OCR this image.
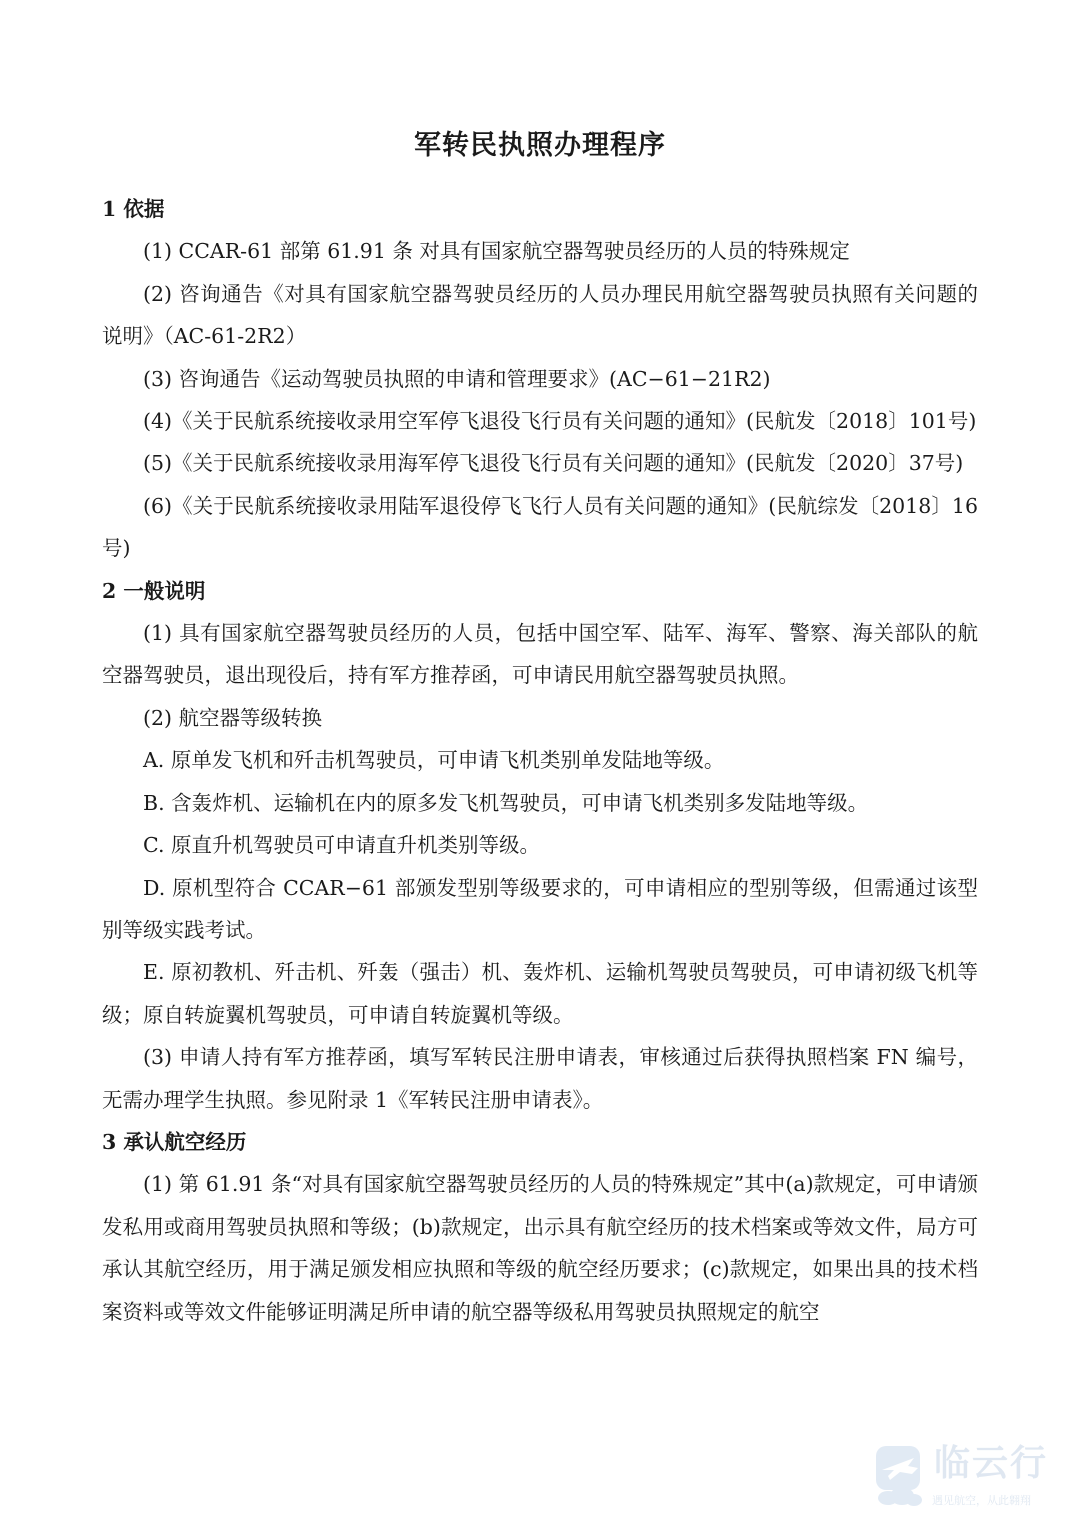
军转民执照办理程序

1 依据

(1) CCAR-61 部第 61.91 条 对具有国家航空器驾驶员经历的人员的特殊规定

(2) 咨询通告《对具有国家航空器驾驶员经历的人员办理民用航空器驾驶员执照有关问题的说明》（AC-61-2R2）

(3) 咨询通告《运动驾驶员执照的申请和管理要求》(AC−61−21R2)

(4)《关于民航系统接收录用空军停飞退役飞行员有关问题的通知》(民航发〔2018〕101号)

(5)《关于民航系统接收录用海军停飞退役飞行员有关问题的通知》(民航发〔2020〕37号)

(6)《关于民航系统接收录用陆军退役停飞飞行人员有关问题的通知》(民航综发〔2018〕16 号)

2 一般说明

(1) 具有国家航空器驾驶员经历的人员，包括中国空军、陆军、海军、警察、海关部队的航空器驾驶员，退出现役后，持有军方推荐函，可申请民用航空器驾驶员执照。

(2) 航空器等级转换

A. 原单发飞机和歼击机驾驶员，可申请飞机类别单发陆地等级。

B. 含轰炸机、运输机在内的原多发飞机驾驶员，可申请飞机类别多发陆地等级。

C. 原直升机驾驶员可申请直升机类别等级。

D. 原机型符合 CCAR−61 部颁发型别等级要求的，可申请相应的型别等级，但需通过该型别等级实践考试。

E. 原初教机、歼击机、歼轰（强击）机、轰炸机、运输机驾驶员驾驶员，可申请初级飞机等级；原自转旋翼机驾驶员，可申请自转旋翼机等级。

(3) 申请人持有军方推荐函，填写军转民注册申请表，审核通过后获得执照档案 FN 编号，无需办理学生执照。参见附录 1《军转民注册申请表》。

3 承认航空经历

(1) 第 61.91 条“对具有国家航空器驾驶员经历的人员的特殊规定”其中(a)款规定，可申请颁发私用或商用驾驶员执照和等级；(b)款规定，出示具有航空经历的技术档案或等效文件，局方可承认其航空经历，用于满足颁发相应执照和等级的航空经历要求；(c)款规定，如果出具的技术档案资料或等效文件能够证明满足所申请的航空器等级私用驾驶员执照规定的航空

临云行
遇见航空，从此翱翔
